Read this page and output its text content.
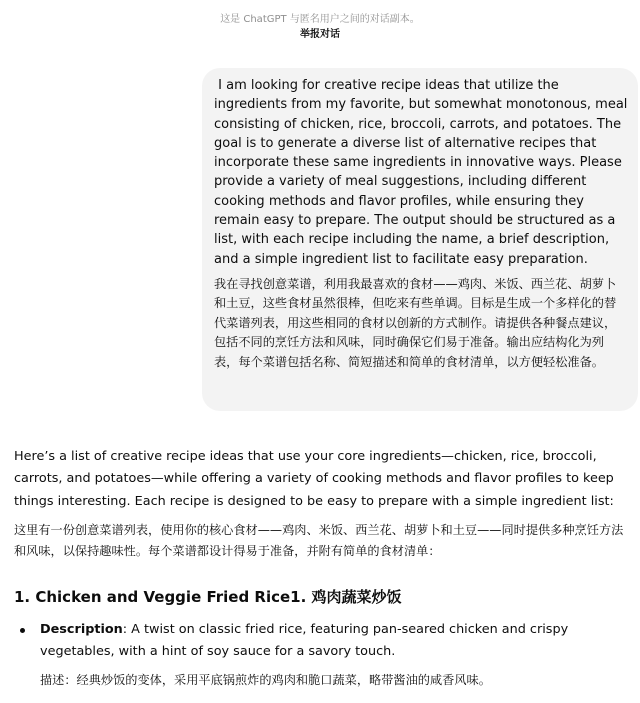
这是 ChatGPT 与匿名用户之间的对话副本。
举报对话

I am looking for creative recipe ideas that utilize the ingredients from my favorite, but somewhat monotonous, meal consisting of chicken, rice, broccoli, carrots, and potatoes. The goal is to generate a diverse list of alternative recipes that incorporate these same ingredients in innovative ways. Please provide a variety of meal suggestions, including different cooking methods and flavor profiles, while ensuring they remain easy to prepare. The output should be structured as a list, with each recipe including the name, a brief description, and a simple ingredient list to facilitate easy preparation.

我在寻找创意菜谱，利用我最喜欢的食材——鸡肉、米饭、西兰花、胡萝卜和土豆，这些食材虽然很棒，但吃来有些单调。目标是生成一个多样化的替代菜谱列表，用这些相同的食材以创新的方式制作。请提供各种餐点建议，包括不同的烹饪方法和风味，同时确保它们易于准备。输出应结构化为列表，每个菜谱包括名称、简短描述和简单的食材清单，以方便轻松准备。

Here’s a list of creative recipe ideas that use your core ingredients—chicken, rice, broccoli, carrots, and potatoes—while offering a variety of cooking methods and flavor profiles to keep things interesting. Each recipe is designed to be easy to prepare with a simple ingredient list:

这里有一份创意菜谱列表，使用你的核心食材——鸡肉、米饭、西兰花、胡萝卜和土豆——同时提供多种烹饪方法和风味，以保持趣味性。每个菜谱都设计得易于准备，并附有简单的食材清单：

1. Chicken and Veggie Fried Rice1. 鸡肉蔬菜炒饭

Description: A twist on classic fried rice, featuring pan-seared chicken and crispy vegetables, with a hint of soy sauce for a savory touch.

描述：经典炒饭的变体，采用平底锅煎炸的鸡肉和脆口蔬菜，略带酱油的咸香风味。
